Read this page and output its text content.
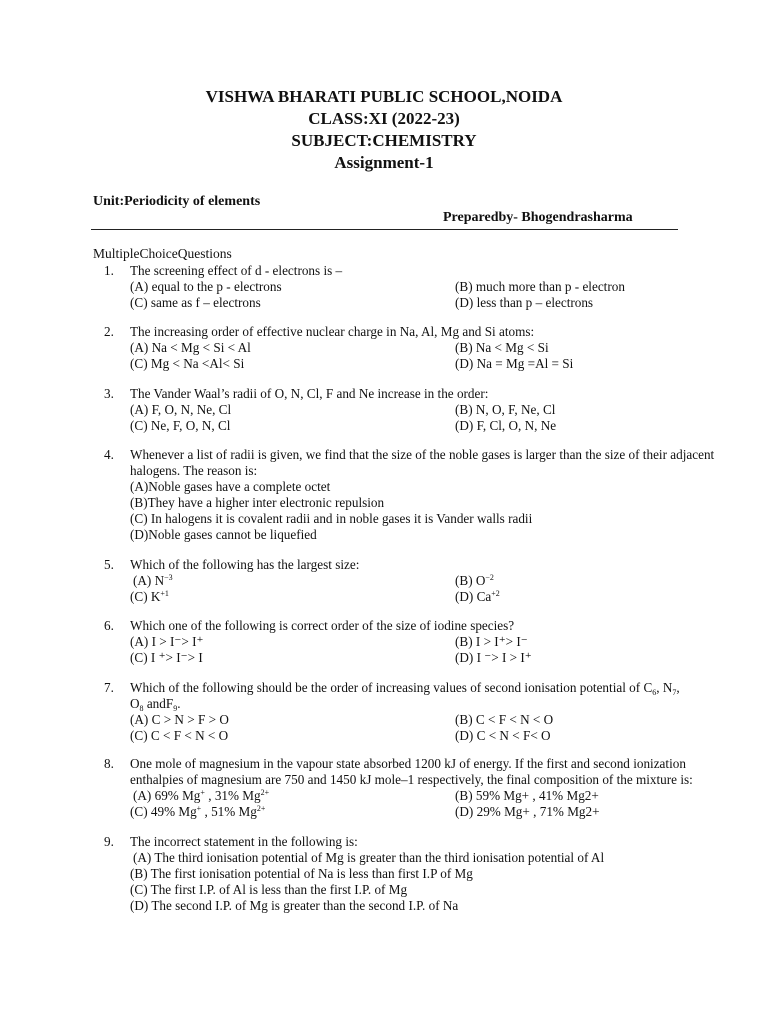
VISHWA BHARATI PUBLIC SCHOOL,NOIDA
CLASS:XI (2022-23)
SUBJECT:CHEMISTRY
Assignment-1
Unit:Periodicity of elements
Preparedby- Bhogendrasharma
MultipleChoiceQuestions
1. The screening effect of d - electrons is –
(A) equal to the p - electrons	(B) much more than p - electron
(C) same as f – electrons	(D) less than p – electrons
2. The increasing order of effective nuclear charge in Na, Al, Mg and Si atoms:
(A) Na < Mg < Si < Al	(B) Na < Mg < Si
(C) Mg < Na <Al< Si	(D) Na = Mg =Al = Si
3. The Vander Waal’s radii of O, N, Cl, F and Ne increase in the order:
(A) F, O, N, Ne, Cl	(B) N, O, F, Ne, Cl
(C) Ne, F, O, N, Cl	(D) F, Cl, O, N, Ne
4. Whenever a list of radii is given, we find that the size of the noble gases is larger than the size of their adjacent halogens. The reason is:
(A)Noble gases have a complete octet
(B)They have a higher inter electronic repulsion
(C) In halogens it is covalent radii and in noble gases it is Vander walls radii
(D)Noble gases cannot be liquefied
5. Which of the following has the largest size:
(A) $N^{-3}$	(B) $O^{-2}$
(C) $K^{+1}$	(D) $Ca^{+2}$
6. Which one of the following is correct order of the size of iodine species?
(A) I > I⁻> I⁺	(B) I > I⁺> I⁻
(C) I ⁺> I⁻> I	(D) I ⁻> I > I⁺
7. Which of the following should be the order of increasing values of second ionisation potential of $C_6$, $N_7$,
$O_8$ andF$_9$.
(A) C > N > F > O	(B) C < F < N < O
(C) C < F < N < O	(D) C < N < F< O
8. One mole of magnesium in the vapour state absorbed 1200 kJ of energy. If the first and second ionization enthalpies of magnesium are 750 and 1450 kJ mole–1 respectively, the final composition of the mixture is:
(A) 69% Mg+ , 31% $Mg^{2+}$	(B) 59% Mg+ , 41% Mg2+
(C) 49% Mg+ , 51% $Mg^{2+}$	(D) 29% Mg+ , 71% Mg2+
9. The incorrect statement in the following is:
(A) The third ionisation potential of Mg is greater than the third ionisation potential of Al
(B) The first ionisation potential of Na is less than first I.P of Mg
(C) The first I.P. of Al is less than the first I.P. of Mg
(D) The second I.P. of Mg is greater than the second I.P. of Na
